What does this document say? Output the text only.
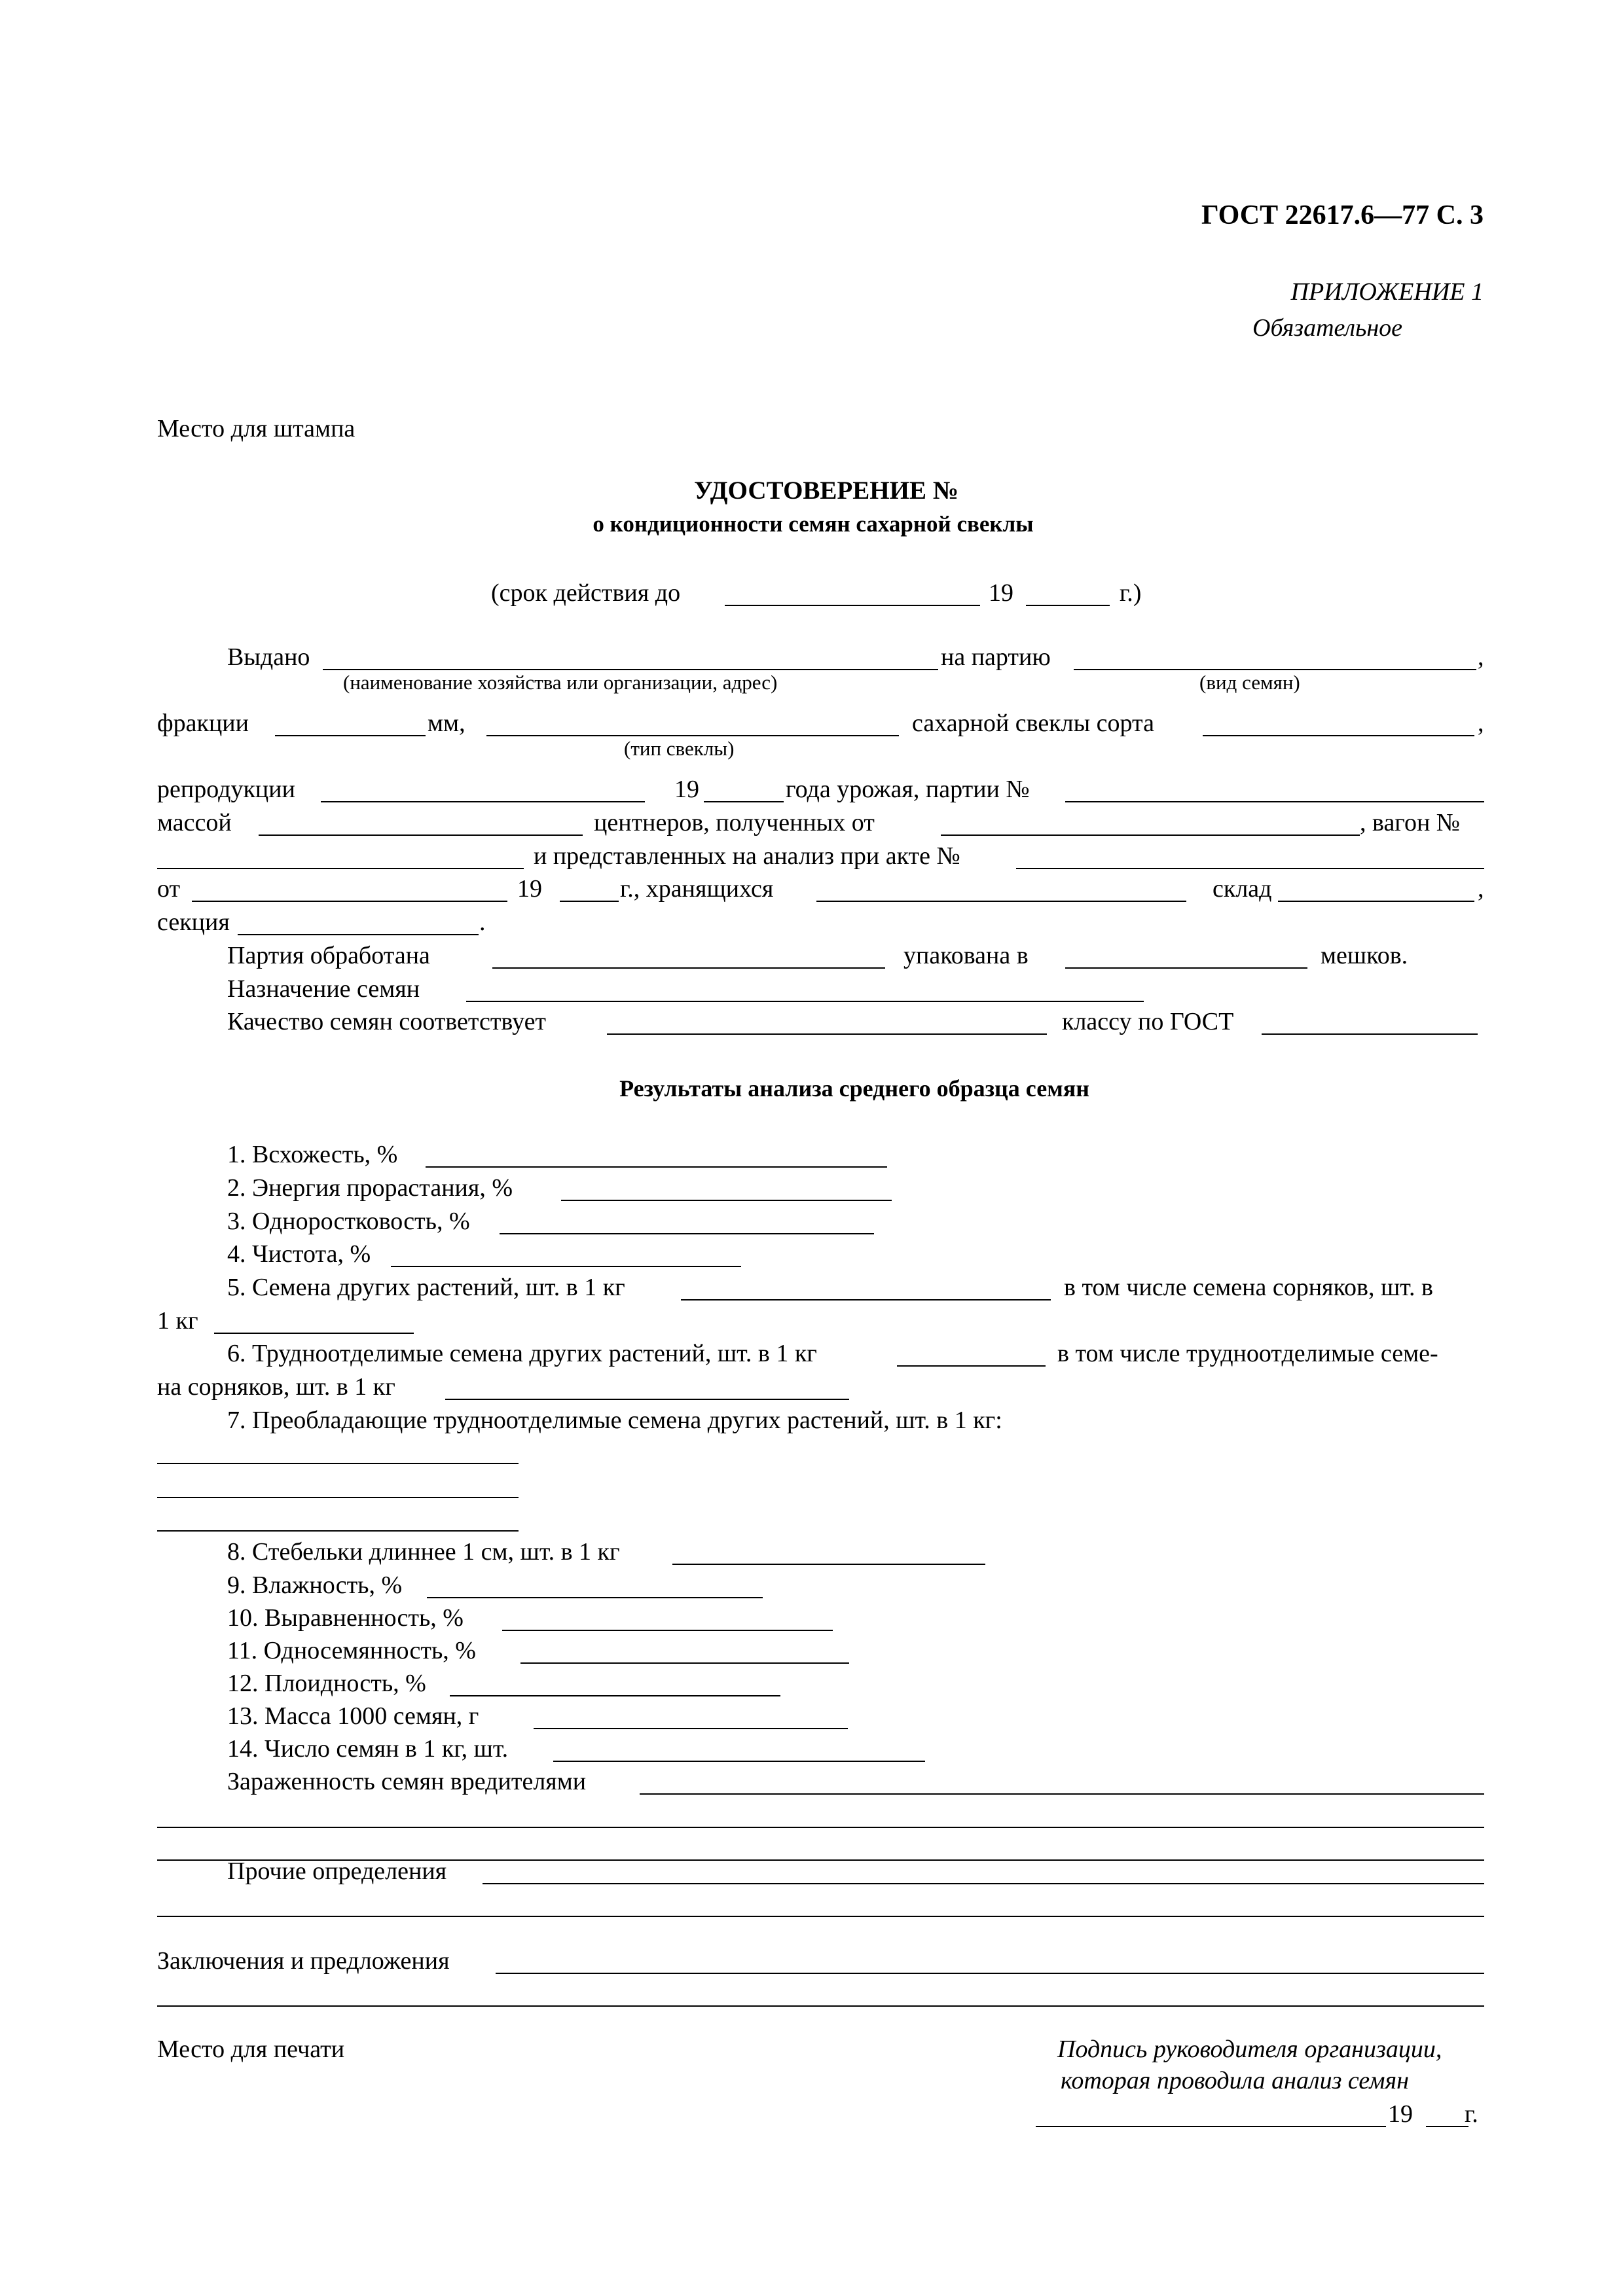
ГОСТ 22617.6—77 С. 3
ПРИЛОЖЕНИЕ 1
Обязательное
Место для штампа
УДОСТОВЕРЕНИЕ №
о кондиционности семян сахарной свеклы
(срок действия до	19	г.)
Выдано	на партию	,
(наименование хозяйства или организации, адрес)	(вид семян)
фракции	мм,	сахарной свеклы сорта	,
(тип свеклы)
репродукции	19	года урожая, партии №
массой	центнеров, полученных от	, вагон №
и представленных на анализ при акте №
от	19	г., хранящихся	склад	,
секция	.
Партия обработана	упакована в	мешков.
Назначение семян
Качество семян соответствует	классу по ГОСТ
Результаты анализа среднего образца семян
1. Всхожесть, %
2. Энергия прорастания, %
3. Одноростковость, %
4. Чистота, %
5. Семена других растений, шт. в 1 кг	в том числе семена сорняков, шт. в
1 кг
6. Трудноотделимые семена других растений, шт. в 1 кг	в том числе трудноотделимые семе-
на сорняков, шт. в 1 кг
7. Преобладающие трудноотделимые семена других растений, шт. в 1 кг:
8. Стебельки длиннее 1 см, шт. в 1 кг
9. Влажность, %
10. Выравненность, %
11. Односемянность, %
12. Плоидность, %
13. Масса 1000 семян, г
14. Число семян в 1 кг, шт.
Зараженность семян вредителями
Прочие определения
Заключения и предложения
Место для печати	Подпись руководителя организации,
которая проводила анализ семян
19 г.
